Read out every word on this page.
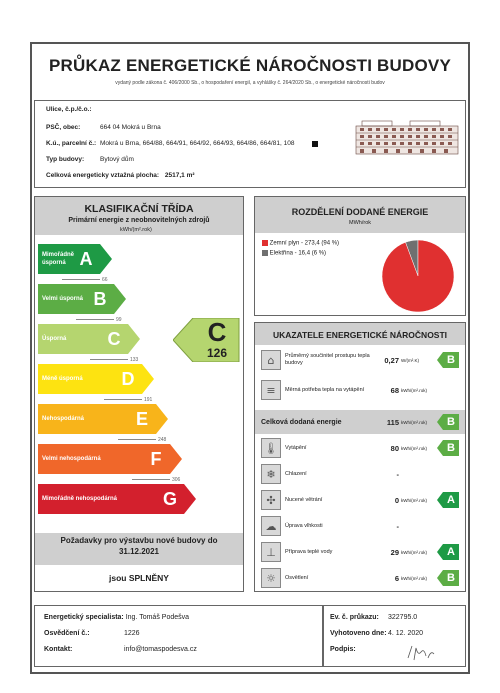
PRŮKAZ ENERGETICKÉ NÁROČNOSTI BUDOVY
vydaný podle zákona č. 406/2000 Sb., o hospodaření energií, a vyhlášky č. 264/2020 Sb., o energetické náročnosti budov
Ulice, č.p./č.o.:
PSČ, obec:	664 04 Mokrá u Brna
K.ú., parcelní č.: Mokrá u Brna, 664/88, 664/91, 664/92, 664/93, 664/86, 664/81, 108
Typ budovy: Bytový dům
Celková energeticky vztažná plocha: 2517,1 m²
KLASIFIKAČNÍ TŘÍDA
Primární energie z neobnovitelných zdrojů
kWh/(m².rok)
Mimořádně úsporná A
66
Velmi úsporná B
99
Úsporná	C
133
Méně úsporná	D
191
Nehospodárná	E
248
Velmi nehospodárná	F
306
Mimořádně nehospodárná	G
C
126
Požadavky pro výstavbu nové budovy do 31.12.2021
jsou SPLNĚNY
ROZDĚLENÍ DODANÉ ENERGIE
MWh/rok
Zemní plyn - 273,4 (94 %)
Elektřina - 16,4 (6 %)
UKAZATELE ENERGETICKÉ NÁROČNOSTI
⌂	Průměrný součinitel prostupu tepla budovy	0,27 W/(m².K)	B
≡	Měrná potřeba tepla na vytápění	68 kWh/(m².rok)
Celková dodaná energie	115 kWh/(m².rok)	B
🌡	Vytápění	80 kWh/(m².rok)	B
❄	Chlazení	-
✣	Nucené větrání	0 kWh/(m².rok)	A
☁	Úprava vlhkosti	-
⊥	Příprava teplé vody	29 kWh/(m².rok)	A
☼	Osvětlení	6 kWh/(m².rok)	B
Energetický specialista: Ing. Tomáš Podešva
Osvědčení č.:	1226
Kontakt:	info@tomaspodesva.cz
Ev. č. průkazu: 322795.0
Vyhotoveno dne: 4. 12. 2020
Podpis:
